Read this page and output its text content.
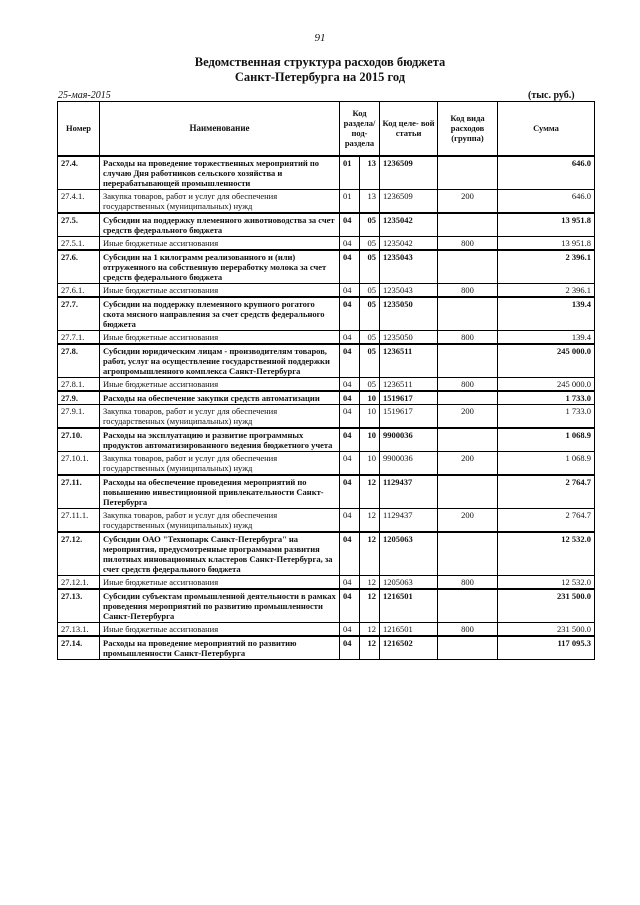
91
Ведомственная структура расходов бюджета
Санкт-Петербурга на 2015 год
25-мая-2015	(тыс. руб.)
Номер	Наименование	Код раздела/ под- раздела		Код целе- вой статьи	Код вида расходов (группа)	Сумма
27.4.	Расходы на проведение торжественных мероприятий по случаю Дня работников сельского хозяйства и перерабатывающей промышленности	01	13	1236509		646.0
27.4.1.	Закупка товаров, работ и услуг для обеспечения государственных (муниципальных) нужд	01	13	1236509	200	646.0
27.5.	Субсидии на поддержку племенного животноводства за счет средств федерального бюджета	04	05	1235042		13 951.8
27.5.1.	Иные бюджетные ассигнования	04	05	1235042	800	13 951.8
27.6.	Субсидии на 1 килограмм реализованного и (или) отгруженного на собственную переработку молока за счет средств федерального бюджета	04	05	1235043		2 396.1
27.6.1.	Иные бюджетные ассигнования	04	05	1235043	800	2 396.1
27.7.	Субсидии на поддержку племенного крупного рогатого скота мясного направления за счет средств федерального бюджета	04	05	1235050		139.4
27.7.1.	Иные бюджетные ассигнования	04	05	1235050	800	139.4
27.8.	Субсидии юридическим лицам - производителям товаров, работ, услуг на осуществление государственной поддержки агропромышленного комплекса Санкт-Петербурга	04	05	1236511		245 000.0
27.8.1.	Иные бюджетные ассигнования	04	05	1236511	800	245 000.0
27.9.	Расходы на обеспечение закупки средств автоматизации	04	10	1519617		1 733.0
27.9.1.	Закупка товаров, работ и услуг для обеспечения государственных (муниципальных) нужд	04	10	1519617	200	1 733.0
27.10.	Расходы на эксплуатацию и развитие программных продуктов автоматизированного ведения бюджетного учета	04	10	9900036		1 068.9
27.10.1.	Закупка товаров, работ и услуг для обеспечения государственных (муниципальных) нужд	04	10	9900036	200	1 068.9
27.11.	Расходы на обеспечение проведения мероприятий по повышению инвестиционной привлекательности Санкт-Петербурга	04	12	1129437		2 764.7
27.11.1.	Закупка товаров, работ и услуг для обеспечения государственных (муниципальных) нужд	04	12	1129437	200	2 764.7
27.12.	Субсидии ОАО "Технопарк Санкт-Петербурга" на мероприятия, предусмотренные программами развития пилотных инновационных кластеров Санкт-Петербурга, за счет средств федерального бюджета	04	12	1205063		12 532.0
27.12.1.	Иные бюджетные ассигнования	04	12	1205063	800	12 532.0
27.13.	Субсидии субъектам промышленной деятельности в рамках проведения мероприятий по развитию промышленности Санкт-Петербурга	04	12	1216501		231 500.0
27.13.1.	Иные бюджетные ассигнования	04	12	1216501	800	231 500.0
27.14.	Расходы на проведение мероприятий по развитию промышленности Санкт-Петербурга	04	12	1216502		117 095.3
